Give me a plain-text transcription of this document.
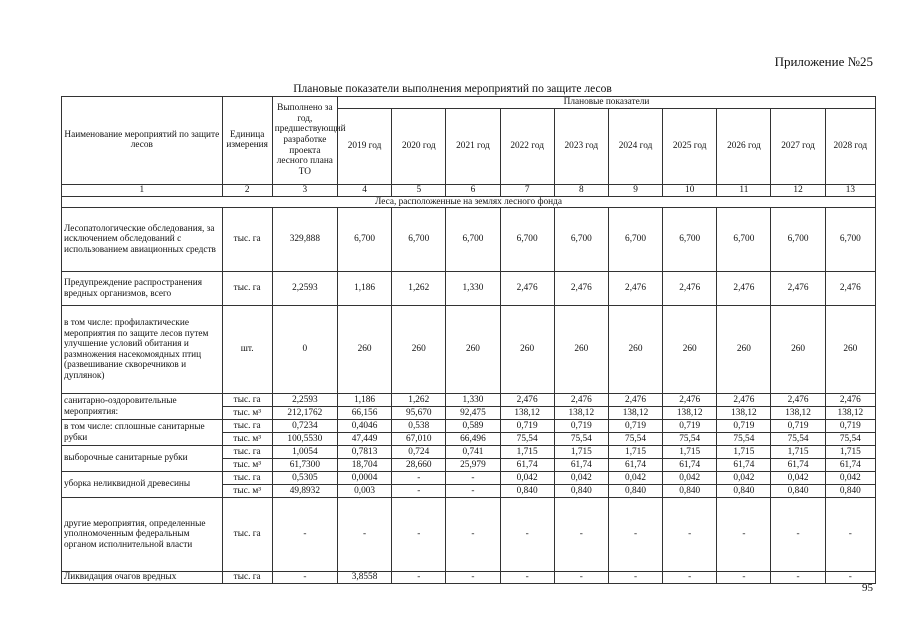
Приложение №25
Плановые показатели выполнения мероприятий по защите лесов
Наименование мероприятий по защите лесов	Единица измерения	Выполнено за год, предшествующий разработке проекта лесного плана ТО	Плановые показатели									
			2019 год	2020 год	2021 год	2022 год	2023 год	2024 год	2025 год	2026 год	2027 год	2028 год
1	2	3	4	5	6	7	8	9	10	11	12	13
Леса, расположенные на землях лесного фонда												
Лесопатологические обследования, за исключением обследований с использованием авиационных средств	тыс. га	329,888	6,700	6,700	6,700	6,700	6,700	6,700	6,700	6,700	6,700	6,700
Предупреждение распространения вредных организмов, всего	тыс. га	2,2593	1,186	1,262	1,330	2,476	2,476	2,476	2,476	2,476	2,476	2,476
в том числе: профилактические мероприятия по защите лесов путем улучшение условий обитания и размножения насекомоядных птиц (развешивание скворечников и дуплянок)	шт.	0	260	260	260	260	260	260	260	260	260	260
санитарно-оздоровительные мероприятия:	тыс. га	2,2593	1,186	1,262	1,330	2,476	2,476	2,476	2,476	2,476	2,476	2,476
	тыс. м³	212,1762	66,156	95,670	92,475	138,12	138,12	138,12	138,12	138,12	138,12	138,12
в том числе: сплошные санитарные рубки	тыс. га	0,7234	0,4046	0,538	0,589	0,719	0,719	0,719	0,719	0,719	0,719	0,719
	тыс. м³	100,5530	47,449	67,010	66,496	75,54	75,54	75,54	75,54	75,54	75,54	75,54
выборочные санитарные рубки	тыс. га	1,0054	0,7813	0,724	0,741	1,715	1,715	1,715	1,715	1,715	1,715	1,715
	тыс. м³	61,7300	18,704	28,660	25,979	61,74	61,74	61,74	61,74	61,74	61,74	61,74
уборка неликвидной древесины	тыс. га	0,5305	0,0004	-	-	0,042	0,042	0,042	0,042	0,042	0,042	0,042
	тыс. м³	49,8932	0,003	-	-	0,840	0,840	0,840	0,840	0,840	0,840	0,840
другие мероприятия, определенные уполномоченным федеральным органом исполнительной власти	тыс. га	-	-	-	-	-	-	-	-	-	-	-
Ликвидация очагов вредных	тыс. га	-	3,8558	-	-	-	-	-	-	-	-	-
95
